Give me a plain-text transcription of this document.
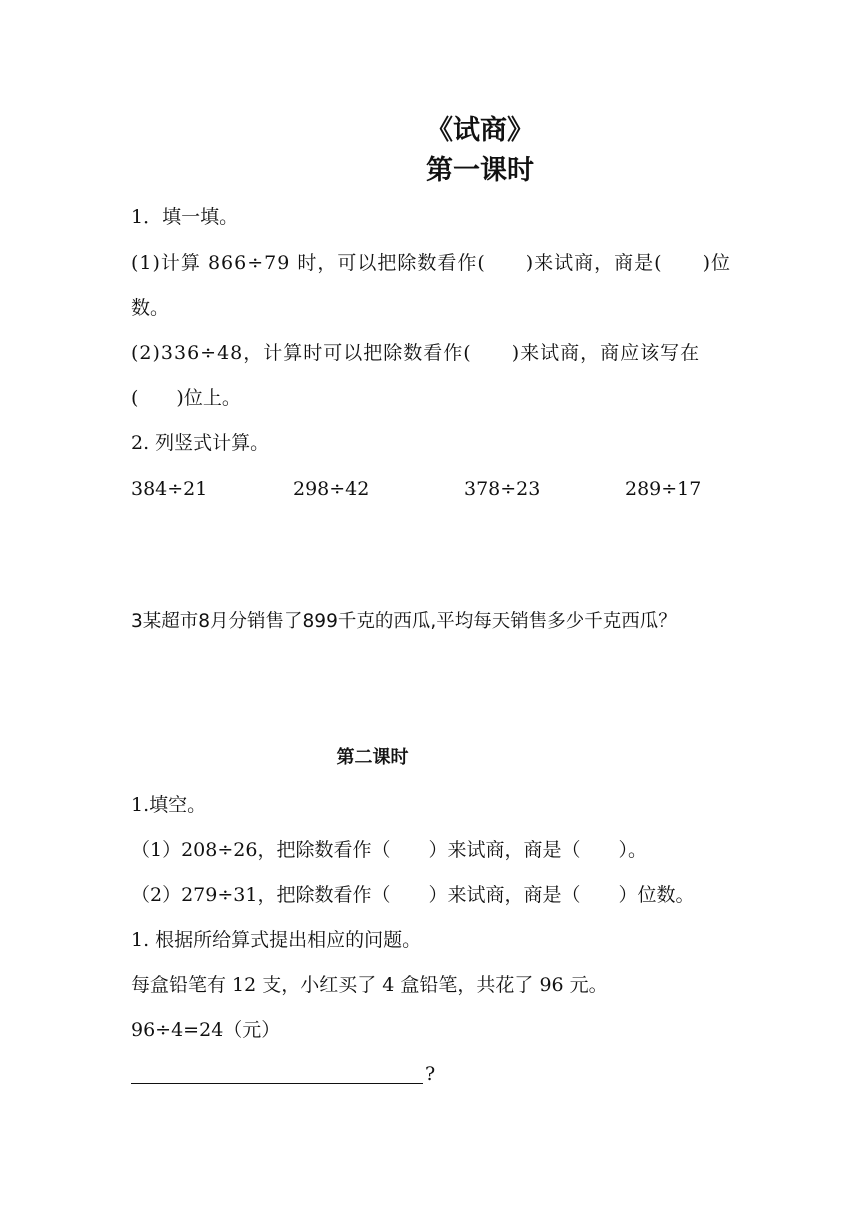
《试商》
第一课时
1．填一填。
(1)计算 866÷79 时，可以把除数看作(　　)来试商，商是(　　)位
数。
(2)336÷48，计算时可以把除数看作(　　)来试商，商应该写在
(　　)位上。
2. 列竖式计算。
384÷21	298÷42	378÷23	289÷17
3某超市8月分销售了899千克的西瓜,平均每天销售多少千克西瓜？
第二课时
1.填空。
（1）208÷26，把除数看作（　　）来试商，商是（　　）。
（2）279÷31，把除数看作（　　）来试商，商是（　　）位数。
1. 根据所给算式提出相应的问题。
每盒铅笔有 12 支，小红买了 4 盒铅笔，共花了 96 元。
96÷4=24（元）
?
